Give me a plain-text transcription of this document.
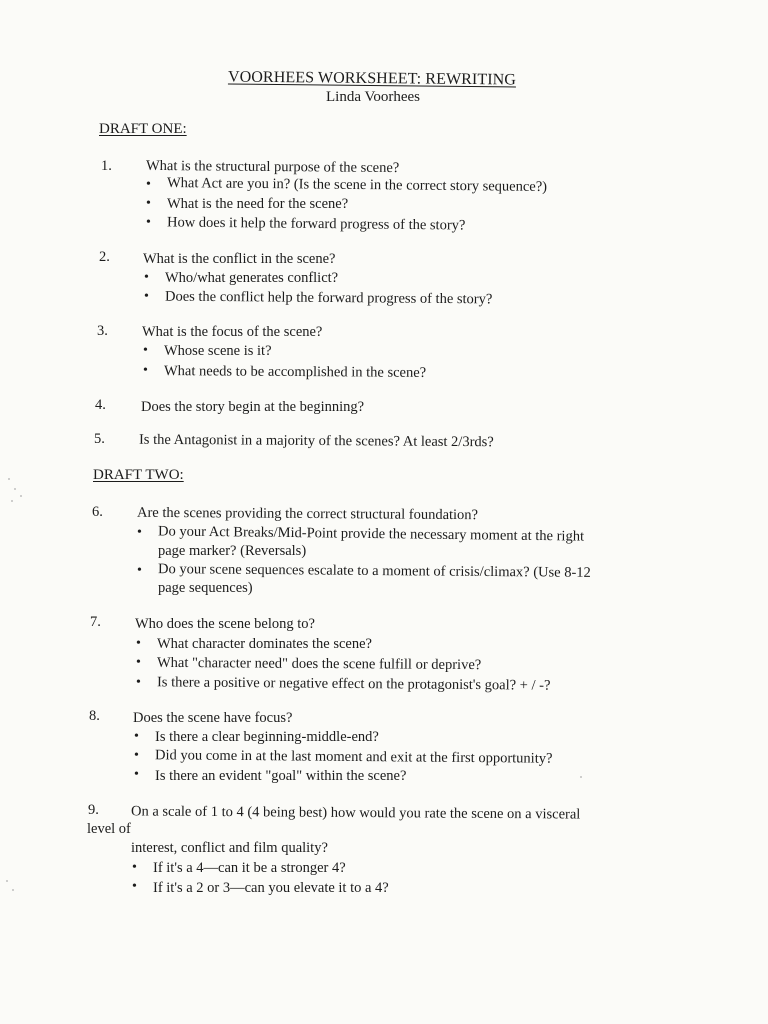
VOORHEES WORKSHEET: REWRITING
Linda Voorhees
DRAFT ONE:
1. What is the structural purpose of the scene?
• What Act are you in? (Is the scene in the correct story sequence?)
• What is the need for the scene?
• How does it help the forward progress of the story?
2. What is the conflict in the scene?
• Who/what generates conflict?
• Does the conflict help the forward progress of the story?
3. What is the focus of the scene?
• Whose scene is it?
• What needs to be accomplished in the scene?
4. Does the story begin at the beginning?
5. Is the Antagonist in a majority of the scenes? At least 2/3rds?
DRAFT TWO:
6. Are the scenes providing the correct structural foundation?
• Do your Act Breaks/Mid-Point provide the necessary moment at the right
page marker? (Reversals)
• Do your scene sequences escalate to a moment of crisis/climax? (Use 8-12
page sequences)
7. Who does the scene belong to?
• What character dominates the scene?
• What "character need" does the scene fulfill or deprive?
• Is there a positive or negative effect on the protagonist's goal? + / -?
8. Does the scene have focus?
• Is there a clear beginning-middle-end?
• Did you come in at the last moment and exit at the first opportunity?
• Is there an evident "goal" within the scene?
9. On a scale of 1 to 4 (4 being best) how would you rate the scene on a visceral
level of
interest, conflict and film quality?
• If it's a 4—can it be a stronger 4?
• If it's a 2 or 3—can you elevate it to a 4?
